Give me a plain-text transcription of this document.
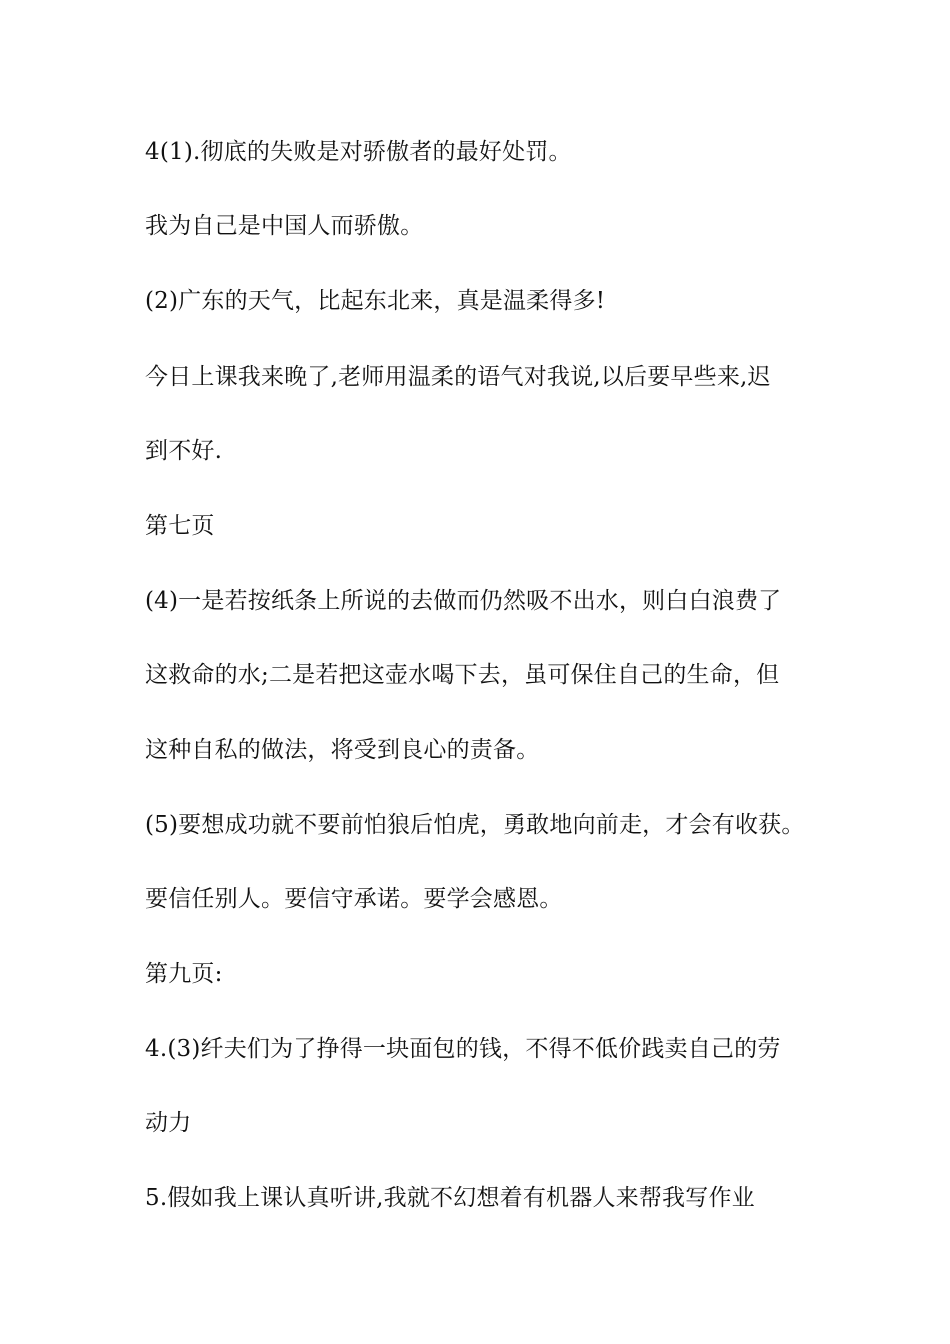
4(1).彻底的失败是对骄傲者的最好处罚。
我为自己是中国人而骄傲。
(2)广东的天气，比起东北来，真是温柔得多!
今日上课我来晚了,老师用温柔的语气对我说,以后要早些来,迟
到不好.
第七页
(4)一是若按纸条上所说的去做而仍然吸不出水，则白白浪费了
这救命的水;二是若把这壶水喝下去，虽可保住自己的生命，但
这种自私的做法，将受到良心的责备。
(5)要想成功就不要前怕狼后怕虎，勇敢地向前走，才会有收获。
要信任别人。要信守承诺。要学会感恩。
第九页:
4.(3)纤夫们为了挣得一块面包的钱，不得不低价践卖自己的劳
动力
5.假如我上课认真听讲,我就不幻想着有机器人来帮我写作业
